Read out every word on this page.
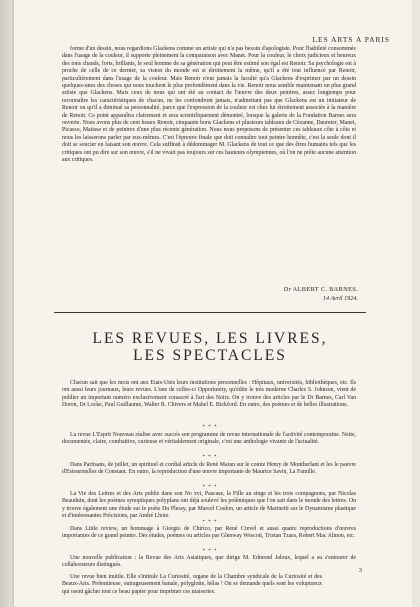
LES ARTS A PARIS

forme d'un dessin, nous regardions Glackens comme un artiste qui n'a pas besoin d'apologiste. Pour l'habileté consommée dans l'usage de la couleur, il supporte pleinement la comparaison avec Manet. Pour la couleur, le choix judicieux et heureux des tons chauds, forts, brillants, le seul homme de sa génération qui peut être estimé son égal est Renoir. Sa psychologie est à proche de celle de ce dernier, sa vision du monde est si étroitement la même, qu'il a été tout influencé par Renoir, particulièrement dans l'usage de la couleur. Mais Renoir n'eut jamais la faculté qu'a Glackens d'exprimer par un dessin quelques-unes des choses qui nous touchent le plus profondément dans la vie. Renoir nous semble maintenant un plus grand artiste que Glackens. Mais ceux de nous qui ont été au contact de l'œuvre des deux peintres, assez longtemps pour reconnaître les caractéristiques de chacun, ne les confondront jamais, n'admettant pas que Glackens est un imitateur de Renoir ou qu'il a diminué sa personnalité, parce que l'expression de la couleur est chez lui étroitement associée à la manière de Renoir. Ce point apparaîtra clairement et sera scientifiquement démontré, lorsque la galerie de la Fondation Barnes sera ouverte. Nous avons plus de cent beaux Renoir, cinquante bons Glackens et plusieurs tableaux de Cézanne, Daumier, Manet, Picasso, Matisse et de peintres d'une plus récente génération. Nous nous proposons de présenter ces tableaux côte à côte et nous les laisserons parler par eux-mêmes. C'est l'épreuve finale que doit connaître tout peintre honnête, c'est la seule dont il doit se soucier en faisant son œuvre. Cela suffirait à dédommager M. Glackens de tout ce que des êtres humains tels que les critiques ont pu dire sur son œuvre, s'il ne vivait pas toujours sur ces hauteurs olympiennes, où l'on ne prête aucune attention aux critiques.

Dr ALBERT C. BARNES.
14 Avril 1924.
LES REVUES, LES LIVRES,
LES SPECTACLES

Chacun sait que les mois ont aux Etats-Unis leurs institutions personnelles : Hôpitaux, universités, bibliothèques, etc. Ils ont aussi leurs journaux, leurs revues. L'une de celles-ci Opportunity, qu'édite le très moderne Charles S. Johnson, vient de publier un important numéro exclusivement consacré à l'art des Noirs. On y trouve des articles par le Dr Barnes, Carl Van Doren, Dr Locke, Paul Guillaume, Walter R. Chivers et Mabel E. Bickford. En outre, des poèmes et de belles illustrations.

* * *

La revue L'Esprit Nouveau réalise avec succès son programme de revue internationale de l'activité contemporaine. Nette, documentée, claire, combattive, curieuse et véritablement originale, c'est une anthologie vivante de l'actualité.

* * *

Dans Partisans, de juillet, un spirituel et cordial article de René Maran sur le comte Henry de Montherlant et les le pauvre d'Estourmelles de Constant. En outre, la reproduction d'une œuvre importante de Maurice Savin, La Famille.

* * *

La Vie des Lettres et des Arts publie dans son No xvi, Pascase, la Fille au singe et les trois compagnons, par Nicolas Beauduin, dont les poèmes synoptiques polyplans ont déjà soulevé les polémiques que l'on sait dans le monde des lettres. On y trouve également une étude sur le poète Du Plessy, par Marcel Coulon, un article de Marinetti sur le Dynamisme plastique et d'intéressantes Précisions, par André Lhote.

* * *

Dans Little review, un hommage à Giorgio de Chirico, par René Crevel et aussi quatre reproductions d'œuvres importantes de ce grand peintre. Des études, poèmes ou articles par Glenway Wescott, Tristan Tzara, Robert Mac Almon, etc.

* * *

Une nouvelle publication : la Revue des Arts Asiatiques, que dirige M. Edmond Jaloux, lequel a su s'entourer de collaborateurs distingués.

Une revue bien inutile. Elle s'intitule La Curiosité, organe de la Chambre syndicale de la Curiosité et des Beaux-Arts. Prétentieuse, outrageusement banale, polyglotte, hélas ! On se demande quels sont les voluptueux qui osent gâcher tout ce beau papier pour imprimer ces niaiseries.

3
